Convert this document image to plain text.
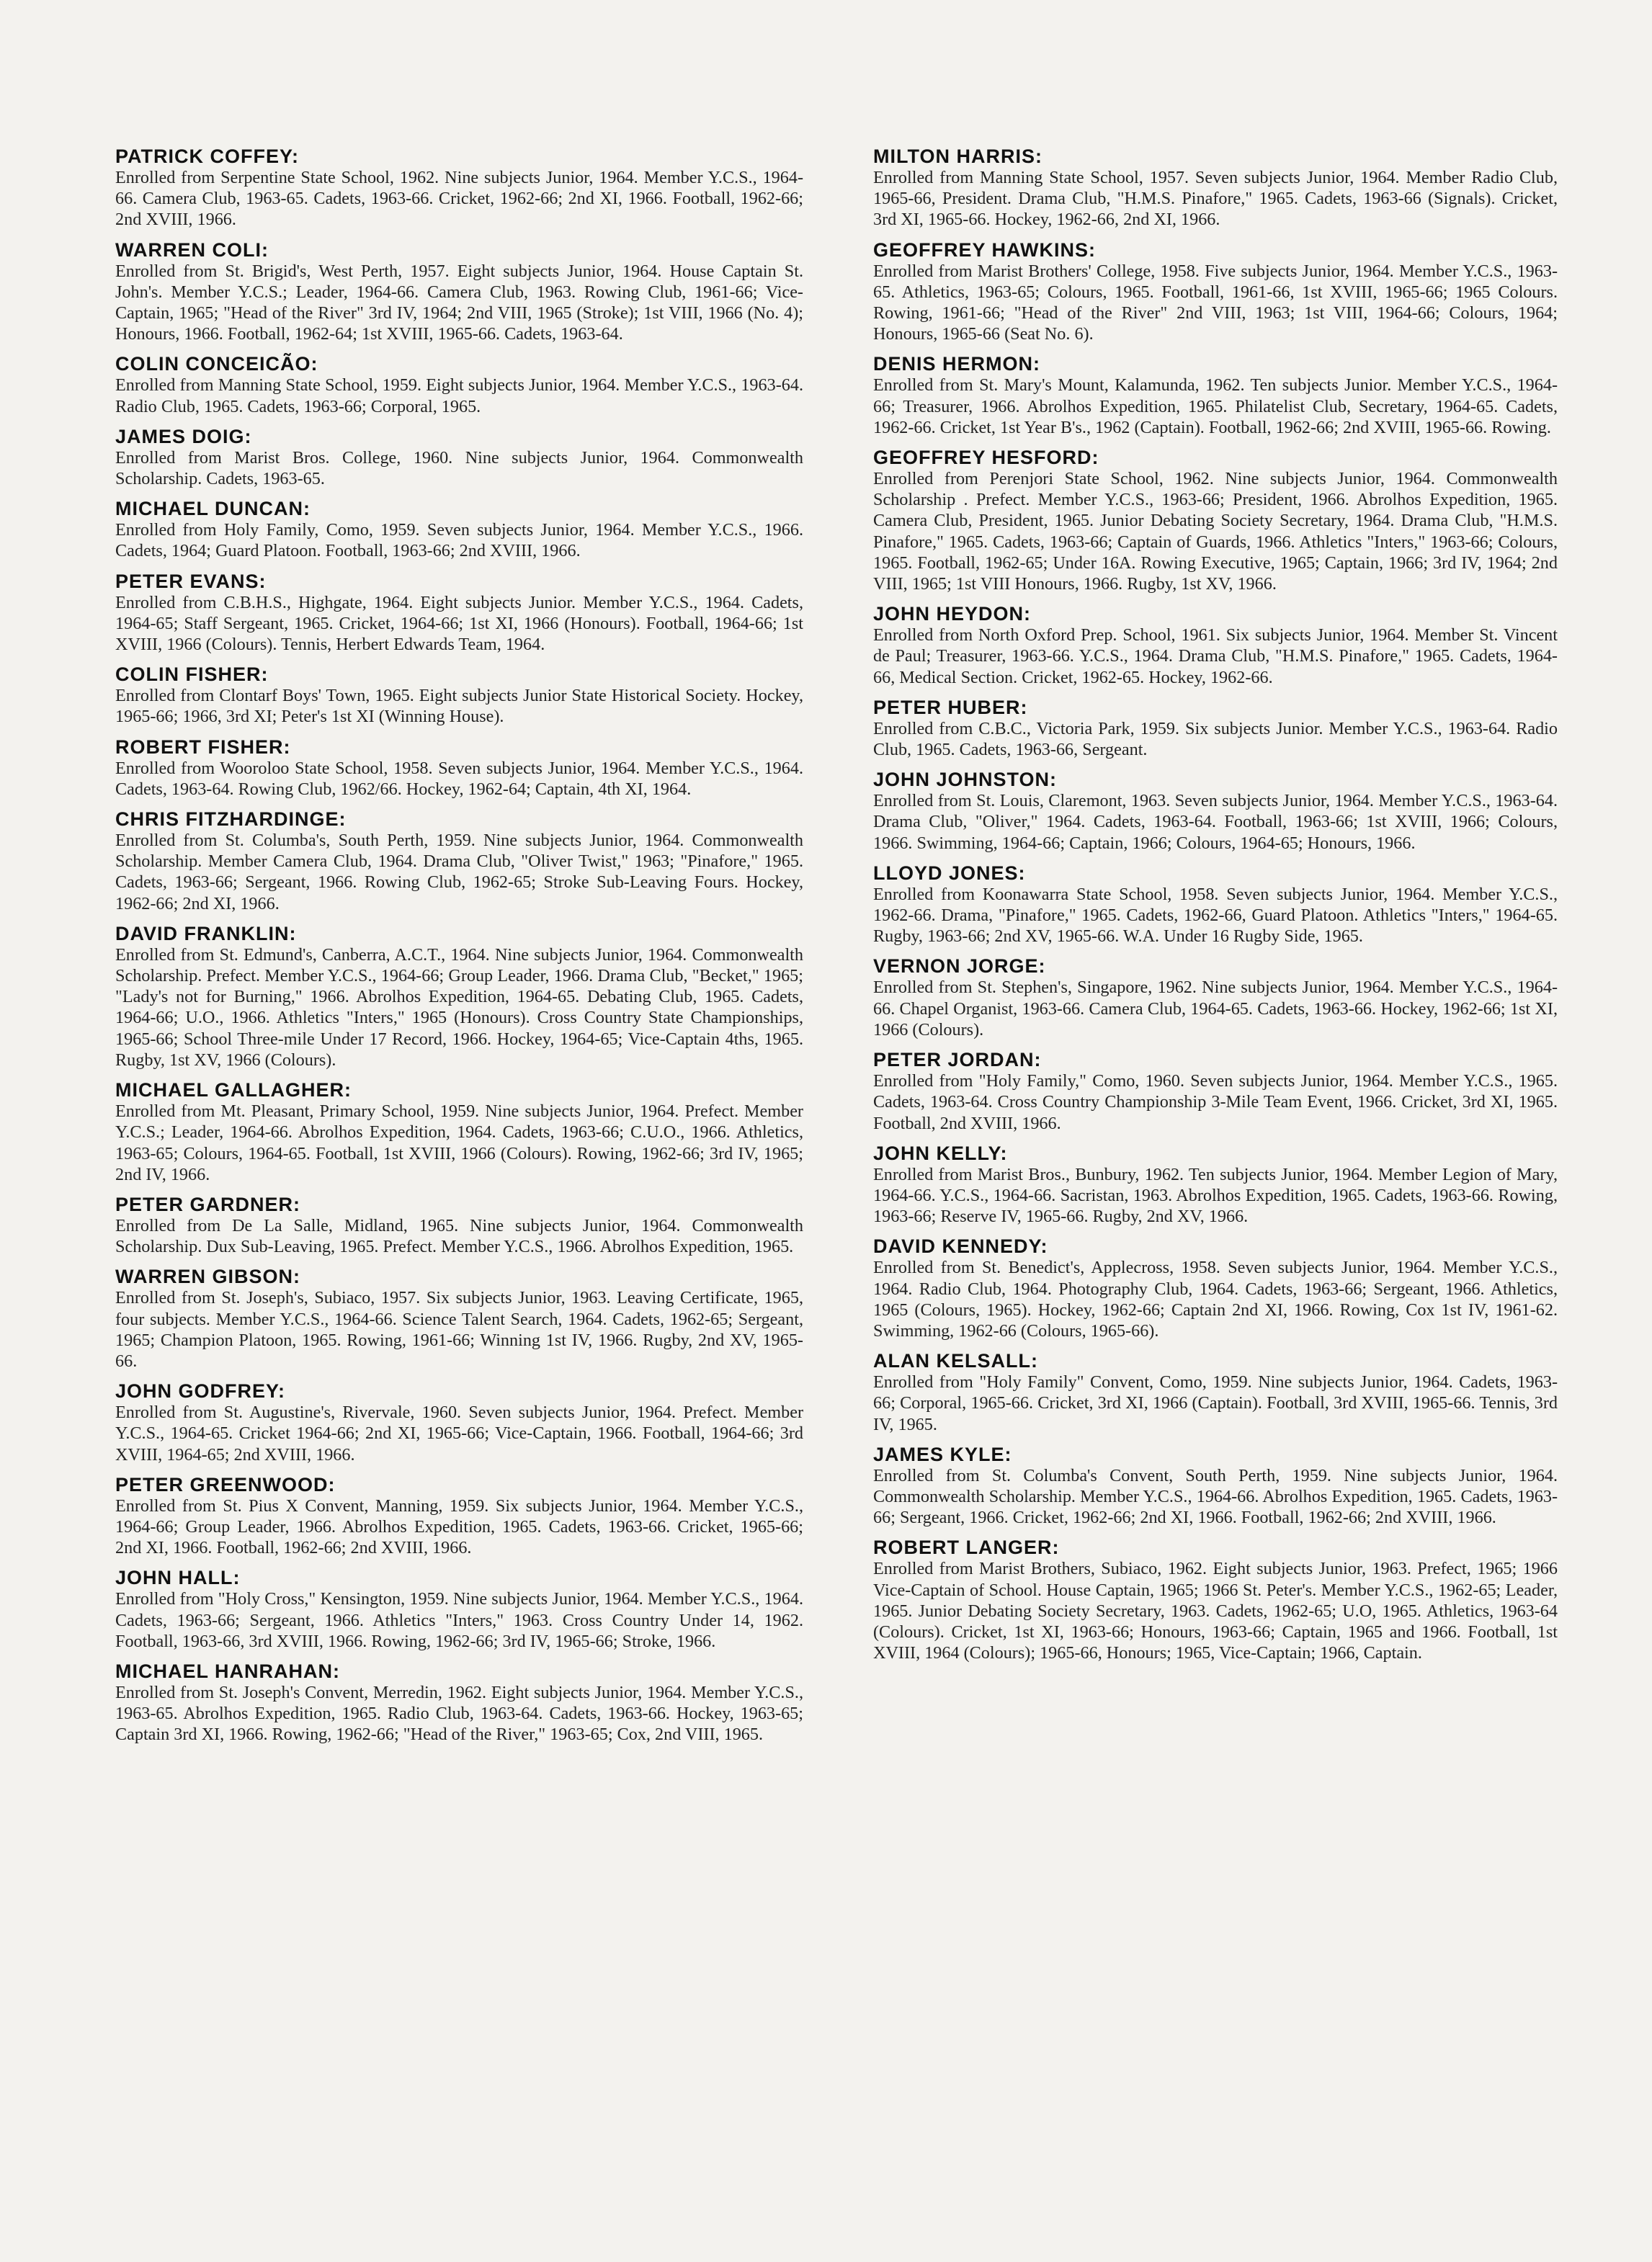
PATRICK COFFEY:

Enrolled from Serpentine State School, 1962. Nine subjects Junior, 1964. Member Y.C.S., 1964-66. Camera Club, 1963-65. Cadets, 1963-66. Cricket, 1962-66; 2nd XI, 1966. Football, 1962-66; 2nd XVIII, 1966.

WARREN COLI:

Enrolled from St. Brigid's, West Perth, 1957. Eight subjects Junior, 1964. House Captain St. John's. Member Y.C.S.; Leader, 1964-66. Camera Club, 1963. Rowing Club, 1961-66; Vice-Captain, 1965; "Head of the River" 3rd IV, 1964; 2nd VIII, 1965 (Stroke); 1st VIII, 1966 (No. 4); Honours, 1966. Football, 1962-64; 1st XVIII, 1965-66. Cadets, 1963-64.

COLIN CONCEICÃO:

Enrolled from Manning State School, 1959. Eight subjects Junior, 1964. Member Y.C.S., 1963-64. Radio Club, 1965. Cadets, 1963-66; Corporal, 1965.

JAMES DOIG:

Enrolled from Marist Bros. College, 1960. Nine subjects Junior, 1964. Commonwealth Scholarship. Cadets, 1963-65.

MICHAEL DUNCAN:

Enrolled from Holy Family, Como, 1959. Seven subjects Junior, 1964. Member Y.C.S., 1966. Cadets, 1964; Guard Platoon. Football, 1963-66; 2nd XVIII, 1966.

PETER EVANS:

Enrolled from C.B.H.S., Highgate, 1964. Eight subjects Junior. Member Y.C.S., 1964. Cadets, 1964-65; Staff Sergeant, 1965. Cricket, 1964-66; 1st XI, 1966 (Honours). Football, 1964-66; 1st XVIII, 1966 (Colours). Tennis, Herbert Edwards Team, 1964.

COLIN FISHER:

Enrolled from Clontarf Boys' Town, 1965. Eight subjects Junior State Historical Society. Hockey, 1965-66; 1966, 3rd XI; Peter's 1st XI (Winning House).

ROBERT FISHER:

Enrolled from Wooroloo State School, 1958. Seven subjects Junior, 1964. Member Y.C.S., 1964. Cadets, 1963-64. Rowing Club, 1962/66. Hockey, 1962-64; Captain, 4th XI, 1964.

CHRIS FITZHARDINGE:

Enrolled from St. Columba's, South Perth, 1959. Nine subjects Junior, 1964. Commonwealth Scholarship. Member Camera Club, 1964. Drama Club, "Oliver Twist," 1963; "Pinafore," 1965. Cadets, 1963-66; Sergeant, 1966. Rowing Club, 1962-65; Stroke Sub-Leaving Fours. Hockey, 1962-66; 2nd XI, 1966.

DAVID FRANKLIN:

Enrolled from St. Edmund's, Canberra, A.C.T., 1964. Nine subjects Junior, 1964. Commonwealth Scholarship. Prefect. Member Y.C.S., 1964-66; Group Leader, 1966. Drama Club, "Becket," 1965; "Lady's not for Burning," 1966. Abrolhos Expedition, 1964-65. Debating Club, 1965. Cadets, 1964-66; U.O., 1966. Athletics "Inters," 1965 (Honours). Cross Country State Championships, 1965-66; School Three-mile Under 17 Record, 1966. Hockey, 1964-65; Vice-Captain 4ths, 1965. Rugby, 1st XV, 1966 (Colours).

MICHAEL GALLAGHER:

Enrolled from Mt. Pleasant, Primary School, 1959. Nine subjects Junior, 1964. Prefect. Member Y.C.S.; Leader, 1964-66. Abrolhos Expedition, 1964. Cadets, 1963-66; C.U.O., 1966. Athletics, 1963-65; Colours, 1964-65. Football, 1st XVIII, 1966 (Colours). Rowing, 1962-66; 3rd IV, 1965; 2nd IV, 1966.

PETER GARDNER:

Enrolled from De La Salle, Midland, 1965. Nine subjects Junior, 1964. Commonwealth Scholarship. Dux Sub-Leaving, 1965. Prefect. Member Y.C.S., 1966. Abrolhos Expedition, 1965.

WARREN GIBSON:

Enrolled from St. Joseph's, Subiaco, 1957. Six subjects Junior, 1963. Leaving Certificate, 1965, four subjects. Member Y.C.S., 1964-66. Science Talent Search, 1964. Cadets, 1962-65; Sergeant, 1965; Champion Platoon, 1965. Rowing, 1961-66; Winning 1st IV, 1966. Rugby, 2nd XV, 1965-66.

JOHN GODFREY:

Enrolled from St. Augustine's, Rivervale, 1960. Seven subjects Junior, 1964. Prefect. Member Y.C.S., 1964-65. Cricket 1964-66; 2nd XI, 1965-66; Vice-Captain, 1966. Football, 1964-66; 3rd XVIII, 1964-65; 2nd XVIII, 1966.

PETER GREENWOOD:

Enrolled from St. Pius X Convent, Manning, 1959. Six subjects Junior, 1964. Member Y.C.S., 1964-66; Group Leader, 1966. Abrolhos Expedition, 1965. Cadets, 1963-66. Cricket, 1965-66; 2nd XI, 1966. Football, 1962-66; 2nd XVIII, 1966.

JOHN HALL:

Enrolled from "Holy Cross," Kensington, 1959. Nine subjects Junior, 1964. Member Y.C.S., 1964. Cadets, 1963-66; Sergeant, 1966. Athletics "Inters," 1963. Cross Country Under 14, 1962. Football, 1963-66, 3rd XVIII, 1966. Rowing, 1962-66; 3rd IV, 1965-66; Stroke, 1966.

MICHAEL HANRAHAN:

Enrolled from St. Joseph's Convent, Merredin, 1962. Eight subjects Junior, 1964. Member Y.C.S., 1963-65. Abrolhos Expedition, 1965. Radio Club, 1963-64. Cadets, 1963-66. Hockey, 1963-65; Captain 3rd XI, 1966. Rowing, 1962-66; "Head of the River," 1963-65; Cox, 2nd VIII, 1965.

MILTON HARRIS:

Enrolled from Manning State School, 1957. Seven subjects Junior, 1964. Member Radio Club, 1965-66, President. Drama Club, "H.M.S. Pinafore," 1965. Cadets, 1963-66 (Signals). Cricket, 3rd XI, 1965-66. Hockey, 1962-66, 2nd XI, 1966.

GEOFFREY HAWKINS:

Enrolled from Marist Brothers' College, 1958. Five subjects Junior, 1964. Member Y.C.S., 1963-65. Athletics, 1963-65; Colours, 1965. Football, 1961-66, 1st XVIII, 1965-66; 1965 Colours. Rowing, 1961-66; "Head of the River" 2nd VIII, 1963; 1st VIII, 1964-66; Colours, 1964; Honours, 1965-66 (Seat No. 6).

DENIS HERMON:

Enrolled from St. Mary's Mount, Kalamunda, 1962. Ten subjects Junior. Member Y.C.S., 1964-66; Treasurer, 1966. Abrolhos Expedition, 1965. Philatelist Club, Secretary, 1964-65. Cadets, 1962-66. Cricket, 1st Year B's., 1962 (Captain). Football, 1962-66; 2nd XVIII, 1965-66. Rowing.

GEOFFREY HESFORD:

Enrolled from Perenjori State School, 1962. Nine subjects Junior, 1964. Commonwealth Scholarship . Prefect. Member Y.C.S., 1963-66; President, 1966. Abrolhos Expedition, 1965. Camera Club, President, 1965. Junior Debating Society Secretary, 1964. Drama Club, "H.M.S. Pinafore," 1965. Cadets, 1963-66; Captain of Guards, 1966. Athletics "Inters," 1963-66; Colours, 1965. Football, 1962-65; Under 16A. Rowing Executive, 1965; Captain, 1966; 3rd IV, 1964; 2nd VIII, 1965; 1st VIII Honours, 1966. Rugby, 1st XV, 1966.

JOHN HEYDON:

Enrolled from North Oxford Prep. School, 1961. Six subjects Junior, 1964. Member St. Vincent de Paul; Treasurer, 1963-66. Y.C.S., 1964. Drama Club, "H.M.S. Pinafore," 1965. Cadets, 1964-66, Medical Section. Cricket, 1962-65. Hockey, 1962-66.

PETER HUBER:

Enrolled from C.B.C., Victoria Park, 1959. Six subjects Junior. Member Y.C.S., 1963-64. Radio Club, 1965. Cadets, 1963-66, Sergeant.

JOHN JOHNSTON:

Enrolled from St. Louis, Claremont, 1963. Seven subjects Junior, 1964. Member Y.C.S., 1963-64. Drama Club, "Oliver," 1964. Cadets, 1963-64. Football, 1963-66; 1st XVIII, 1966; Colours, 1966. Swimming, 1964-66; Captain, 1966; Colours, 1964-65; Honours, 1966.

LLOYD JONES:

Enrolled from Koonawarra State School, 1958. Seven subjects Junior, 1964. Member Y.C.S., 1962-66. Drama, "Pinafore," 1965. Cadets, 1962-66, Guard Platoon. Athletics "Inters," 1964-65. Rugby, 1963-66; 2nd XV, 1965-66. W.A. Under 16 Rugby Side, 1965.

VERNON JORGE:

Enrolled from St. Stephen's, Singapore, 1962. Nine subjects Junior, 1964. Member Y.C.S., 1964-66. Chapel Organist, 1963-66. Camera Club, 1964-65. Cadets, 1963-66. Hockey, 1962-66; 1st XI, 1966 (Colours).

PETER JORDAN:

Enrolled from "Holy Family," Como, 1960. Seven subjects Junior, 1964. Member Y.C.S., 1965. Cadets, 1963-64. Cross Country Championship 3-Mile Team Event, 1966. Cricket, 3rd XI, 1965. Football, 2nd XVIII, 1966.

JOHN KELLY:

Enrolled from Marist Bros., Bunbury, 1962. Ten subjects Junior, 1964. Member Legion of Mary, 1964-66. Y.C.S., 1964-66. Sacristan, 1963. Abrolhos Expedition, 1965. Cadets, 1963-66. Rowing, 1963-66; Reserve IV, 1965-66. Rugby, 2nd XV, 1966.

DAVID KENNEDY:

Enrolled from St. Benedict's, Applecross, 1958. Seven subjects Junior, 1964. Member Y.C.S., 1964. Radio Club, 1964. Photography Club, 1964. Cadets, 1963-66; Sergeant, 1966. Athletics, 1965 (Colours, 1965). Hockey, 1962-66; Captain 2nd XI, 1966. Rowing, Cox 1st IV, 1961-62. Swimming, 1962-66 (Colours, 1965-66).

ALAN KELSALL:

Enrolled from "Holy Family" Convent, Como, 1959. Nine subjects Junior, 1964. Cadets, 1963-66; Corporal, 1965-66. Cricket, 3rd XI, 1966 (Captain). Football, 3rd XVIII, 1965-66. Tennis, 3rd IV, 1965.

JAMES KYLE:

Enrolled from St. Columba's Convent, South Perth, 1959. Nine subjects Junior, 1964. Commonwealth Scholarship. Member Y.C.S., 1964-66. Abrolhos Expedition, 1965. Cadets, 1963-66; Sergeant, 1966. Cricket, 1962-66; 2nd XI, 1966. Football, 1962-66; 2nd XVIII, 1966.

ROBERT LANGER:

Enrolled from Marist Brothers, Subiaco, 1962. Eight subjects Junior, 1963. Prefect, 1965; 1966 Vice-Captain of School. House Captain, 1965; 1966 St. Peter's. Member Y.C.S., 1962-65; Leader, 1965. Junior Debating Society Secretary, 1963. Cadets, 1962-65; U.O, 1965. Athletics, 1963-64 (Colours). Cricket, 1st XI, 1963-66; Honours, 1963-66; Captain, 1965 and 1966. Football, 1st XVIII, 1964 (Colours); 1965-66, Honours; 1965, Vice-Captain; 1966, Captain.
